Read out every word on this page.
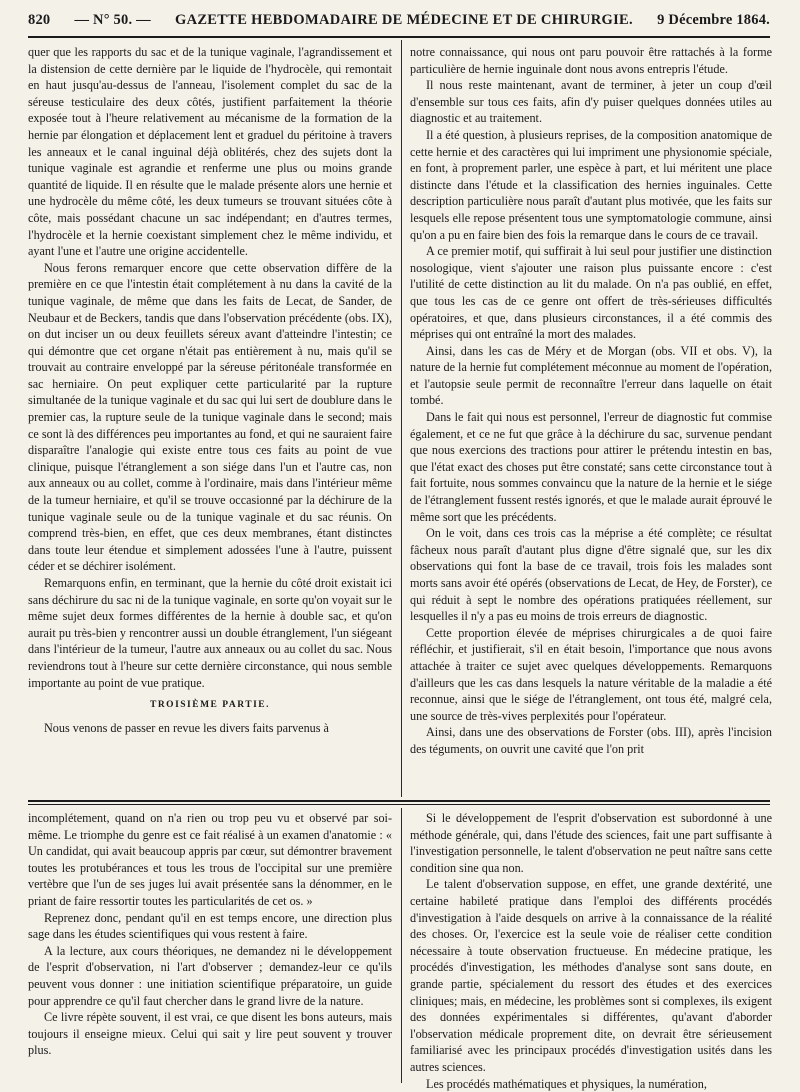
820 — N° 50. — GAZETTE HEBDOMADAIRE DE MÉDECINE ET DE CHIRURGIE. 9 Décembre 1864.

quer que les rapports du sac et de la tunique vaginale, l'agrandissement et la distension de cette dernière par le liquide de l'hydrocèle, qui remontait en haut jusqu'au-dessus de l'anneau, l'isolement complet du sac de la séreuse testiculaire des deux côtés, justifient parfaitement la théorie exposée tout à l'heure relativement au mécanisme de la formation de la hernie par élongation et déplacement lent et graduel du péritoine à travers les anneaux et le canal inguinal déjà oblitérés, chez des sujets dont la tunique vaginale est agrandie et renferme une plus ou moins grande quantité de liquide. Il en résulte que le malade présente alors une hernie et une hydrocèle du même côté, les deux tumeurs se trouvant situées côte à côte, mais possédant chacune un sac indépendant; en d'autres termes, l'hydrocèle et la hernie coexistant simplement chez le même individu, et ayant l'une et l'autre une origine accidentelle.

Nous ferons remarquer encore que cette observation diffère de la première en ce que l'intestin était complétement à nu dans la cavité de la tunique vaginale, de même que dans les faits de Lecat, de Sander, de Neubaur et de Beckers, tandis que dans l'observation précédente (obs. IX), on dut inciser un ou deux feuillets séreux avant d'atteindre l'intestin; ce qui démontre que cet organe n'était pas entièrement à nu, mais qu'il se trouvait au contraire enveloppé par la séreuse péritonéale transformée en sac herniaire. On peut expliquer cette particularité par la rupture simultanée de la tunique vaginale et du sac qui lui sert de doublure dans le premier cas, la rupture seule de la tunique vaginale dans le second; mais ce sont là des différences peu importantes au fond, et qui ne sauraient faire disparaître l'analogie qui existe entre tous ces faits au point de vue clinique, puisque l'étranglement a son siége dans l'un et l'autre cas, non aux anneaux ou au collet, comme à l'ordinaire, mais dans l'intérieur même de la tumeur herniaire, et qu'il se trouve occasionné par la déchirure de la tunique vaginale seule ou de la tunique vaginale et du sac réunis. On comprend très-bien, en effet, que ces deux membranes, étant distinctes dans toute leur étendue et simplement adossées l'une à l'autre, puissent céder et se déchirer isolément.

Remarquons enfin, en terminant, que la hernie du côté droit existait ici sans déchirure du sac ni de la tunique vaginale, en sorte qu'on voyait sur le même sujet deux formes différentes de la hernie à double sac, et qu'on aurait pu très-bien y rencontrer aussi un double étranglement, l'un siégeant dans l'intérieur de la tumeur, l'autre aux anneaux ou au collet du sac. Nous reviendrons tout à l'heure sur cette dernière circonstance, qui nous semble importante au point de vue pratique.

TROISIÈME PARTIE.

Nous venons de passer en revue les divers faits parvenus à

notre connaissance, qui nous ont paru pouvoir être rattachés à la forme particulière de hernie inguinale dont nous avons entrepris l'étude.

Il nous reste maintenant, avant de terminer, à jeter un coup d'œil d'ensemble sur tous ces faits, afin d'y puiser quelques données utiles au diagnostic et au traitement.

Il a été question, à plusieurs reprises, de la composition anatomique de cette hernie et des caractères qui lui impriment une physionomie spéciale, en font, à proprement parler, une espèce à part, et lui méritent une place distincte dans l'étude et la classification des hernies inguinales. Cette description particulière nous paraît d'autant plus motivée, que les faits sur lesquels elle repose présentent tous une symptomatologie commune, ainsi qu'on a pu en faire bien des fois la remarque dans le cours de ce travail.

A ce premier motif, qui suffirait à lui seul pour justifier une distinction nosologique, vient s'ajouter une raison plus puissante encore : c'est l'utilité de cette distinction au lit du malade. On n'a pas oublié, en effet, que tous les cas de ce genre ont offert de très-sérieuses difficultés opératoires, et que, dans plusieurs circonstances, il a été commis des méprises qui ont entraîné la mort des malades.

Ainsi, dans les cas de Méry et de Morgan (obs. VII et obs. V), la nature de la hernie fut complétement méconnue au moment de l'opération, et l'autopsie seule permit de reconnaître l'erreur dans laquelle on était tombé.

Dans le fait qui nous est personnel, l'erreur de diagnostic fut commise également, et ce ne fut que grâce à la déchirure du sac, survenue pendant que nous exercions des tractions pour attirer le prétendu intestin en bas, que l'état exact des choses put être constaté; sans cette circonstance tout à fait fortuite, nous sommes convaincu que la nature de la hernie et le siége de l'étranglement fussent restés ignorés, et que le malade aurait éprouvé le même sort que les précédents.

On le voit, dans ces trois cas la méprise a été complète; ce résultat fâcheux nous paraît d'autant plus digne d'être signalé que, sur les dix observations qui font la base de ce travail, trois fois les malades sont morts sans avoir été opérés (observations de Lecat, de Hey, de Forster), ce qui réduit à sept le nombre des opérations pratiquées réellement, sur lesquelles il n'y a pas eu moins de trois erreurs de diagnostic.

Cette proportion élevée de méprises chirurgicales a de quoi faire réfléchir, et justifierait, s'il en était besoin, l'importance que nous avons attachée à traiter ce sujet avec quelques développements. Remarquons d'ailleurs que les cas dans lesquels la nature véritable de la maladie a été reconnue, ainsi que le siége de l'étranglement, ont tous été, malgré cela, une source de très-vives perplexités pour l'opérateur.

Ainsi, dans une des observations de Forster (obs. III), après l'incision des téguments, on ouvrit une cavité que l'on prit

incomplétement, quand on n'a rien ou trop peu vu et observé par soi-même. Le triomphe du genre est ce fait réalisé à un examen d'anatomie : « Un candidat, qui avait beaucoup appris par cœur, sut démontrer bravement toutes les protubérances et tous les trous de l'occipital sur une première vertèbre que l'un de ses juges lui avait présentée sans la dénommer, en le priant de faire ressortir toutes les particularités de cet os. »

Reprenez donc, pendant qu'il en est temps encore, une direction plus sage dans les études scientifiques qui vous restent à faire.

A la lecture, aux cours théoriques, ne demandez ni le développement de l'esprit d'observation, ni l'art d'observer ; demandez-leur ce qu'ils peuvent vous donner : une initiation scientifique préparatoire, un guide pour apprendre ce qu'il faut chercher dans le grand livre de la nature.

Ce livre répète souvent, il est vrai, ce que disent les bons auteurs, mais toujours il enseigne mieux. Celui qui sait y lire peut souvent y trouver plus.

Si le développement de l'esprit d'observation est subordonné à une méthode générale, qui, dans l'étude des sciences, fait une part suffisante à l'investigation personnelle, le talent d'observation ne peut naître sans cette condition sine qua non.

Le talent d'observation suppose, en effet, une grande dextérité, une certaine habileté pratique dans l'emploi des différents procédés d'investigation à l'aide desquels on arrive à la connaissance de la réalité des choses. Or, l'exercice est la seule voie de réaliser cette condition nécessaire à toute observation fructueuse. En médecine pratique, les procédés d'investigation, les méthodes d'analyse sont sans doute, en grande partie, spécialement du ressort des études et des exercices cliniques; mais, en médecine, les problèmes sont si complexes, ils exigent des données expérimentales si différentes, qu'avant d'aborder l'observation médicale proprement dite, on devrait être sérieusement familiarisé avec les principaux procédés d'investigation usités dans les autres sciences.

Les procédés mathématiques et physiques, la numération,
